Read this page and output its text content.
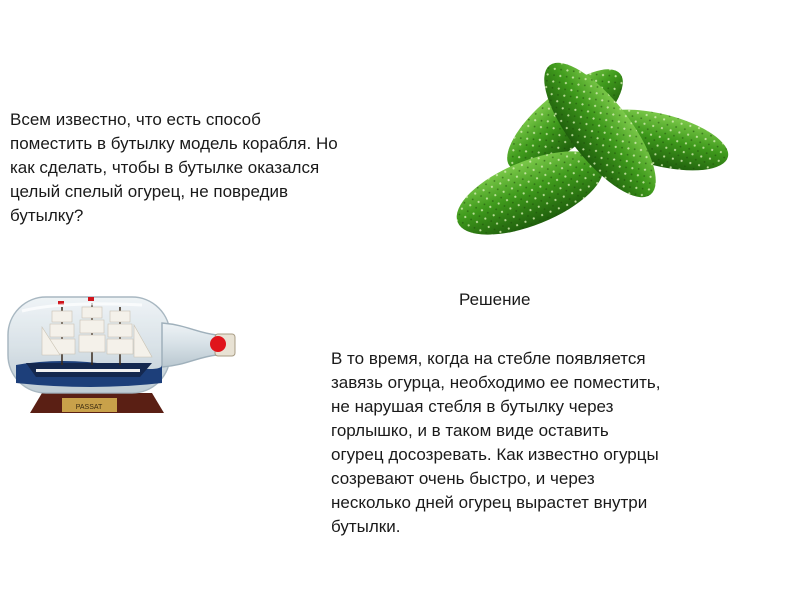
Всем известно, что есть способ
поместить в бутылку модель корабля. Но
как сделать, чтобы в бутылке оказался
целый спелый огурец, не повредив
бутылку?

PASSAT
Решение

В то время, когда на стебле появляется
завязь огурца, необходимо ее поместить,
не нарушая стебля в бутылку через
горлышко, и в таком виде оставить
огурец досозревать. Как известно огурцы
созревают очень быстро, и через
несколько дней огурец вырастет внутри
бутылки.
